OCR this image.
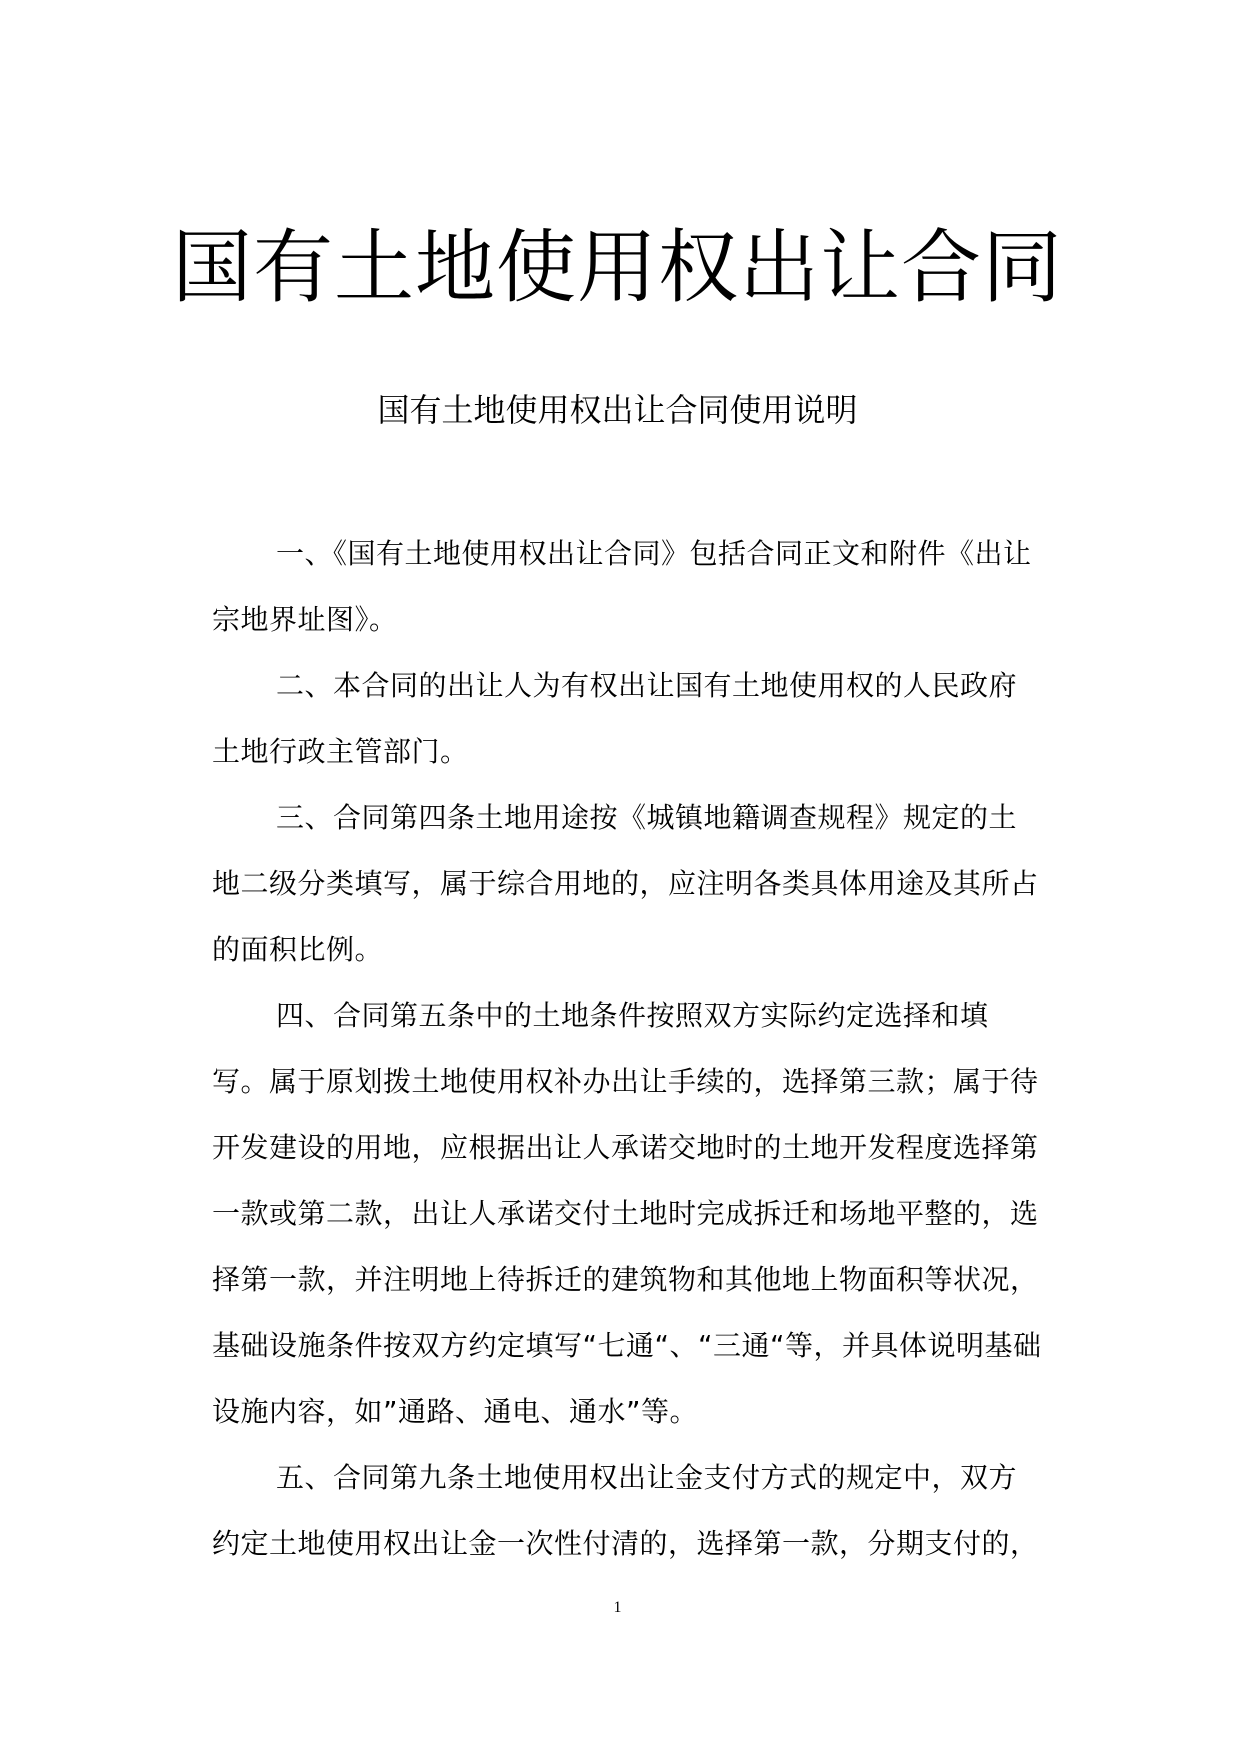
国有土地使用权出让合同
国有土地使用权出让合同使用说明

一、《国有土地使用权出让合同》包括合同正文和附件《出让宗地界址图》。

二、本合同的出让人为有权出让国有土地使用权的人民政府土地行政主管部门。

三、合同第四条土地用途按《城镇地籍调查规程》规定的土地二级分类填写，属于综合用地的，应注明各类具体用途及其所占的面积比例。

四、合同第五条中的土地条件按照双方实际约定选择和填写。属于原划拨土地使用权补办出让手续的，选择第三款；属于待开发建设的用地，应根据出让人承诺交地时的土地开发程度选择第一款或第二款，出让人承诺交付土地时完成拆迁和场地平整的，选择第一款，并注明地上待拆迁的建筑物和其他地上物面积等状况，基础设施条件按双方约定填写“七通“、“三通“等，并具体说明基础设施内容，如”通路、通电、通水”等。

五、合同第九条土地使用权出让金支付方式的规定中，双方约定土地使用权出让金一次性付清的，选择第一款，分期支付的，

1
